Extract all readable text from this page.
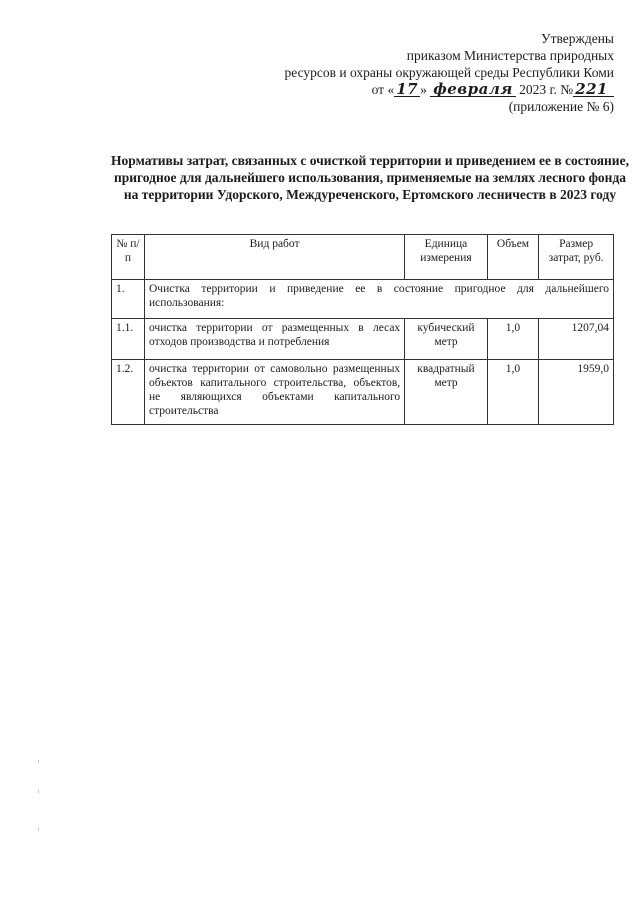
Утверждены
приказом Министерства природных
ресурсов и охраны окружающей среды Республики Коми
от « 17 » февраля 2023 г. № 221
(приложение № 6)
Нормативы затрат, связанных с очисткой территории и приведением ее в состояние, пригодное для дальнейшего использования, применяемые на землях лесного фонда на территории Удорского, Междуреченского, Ертомского лесничеств в 2023 году
№ п/п	Вид работ	Единица измерения	Объем	Размер затрат, руб.
1.	Очистка территории и приведение ее в состояние пригодное для дальнейшего использования:			
1.1.	очистка территории от размещенных в лесах отходов производства и потребления	кубический метр	1,0	1207,04
1.2.	очистка территории от самовольно размещенных объектов капитального строительства, объектов, не являющихся объектами капитального строительства	квадратный метр	1,0	1959,0
